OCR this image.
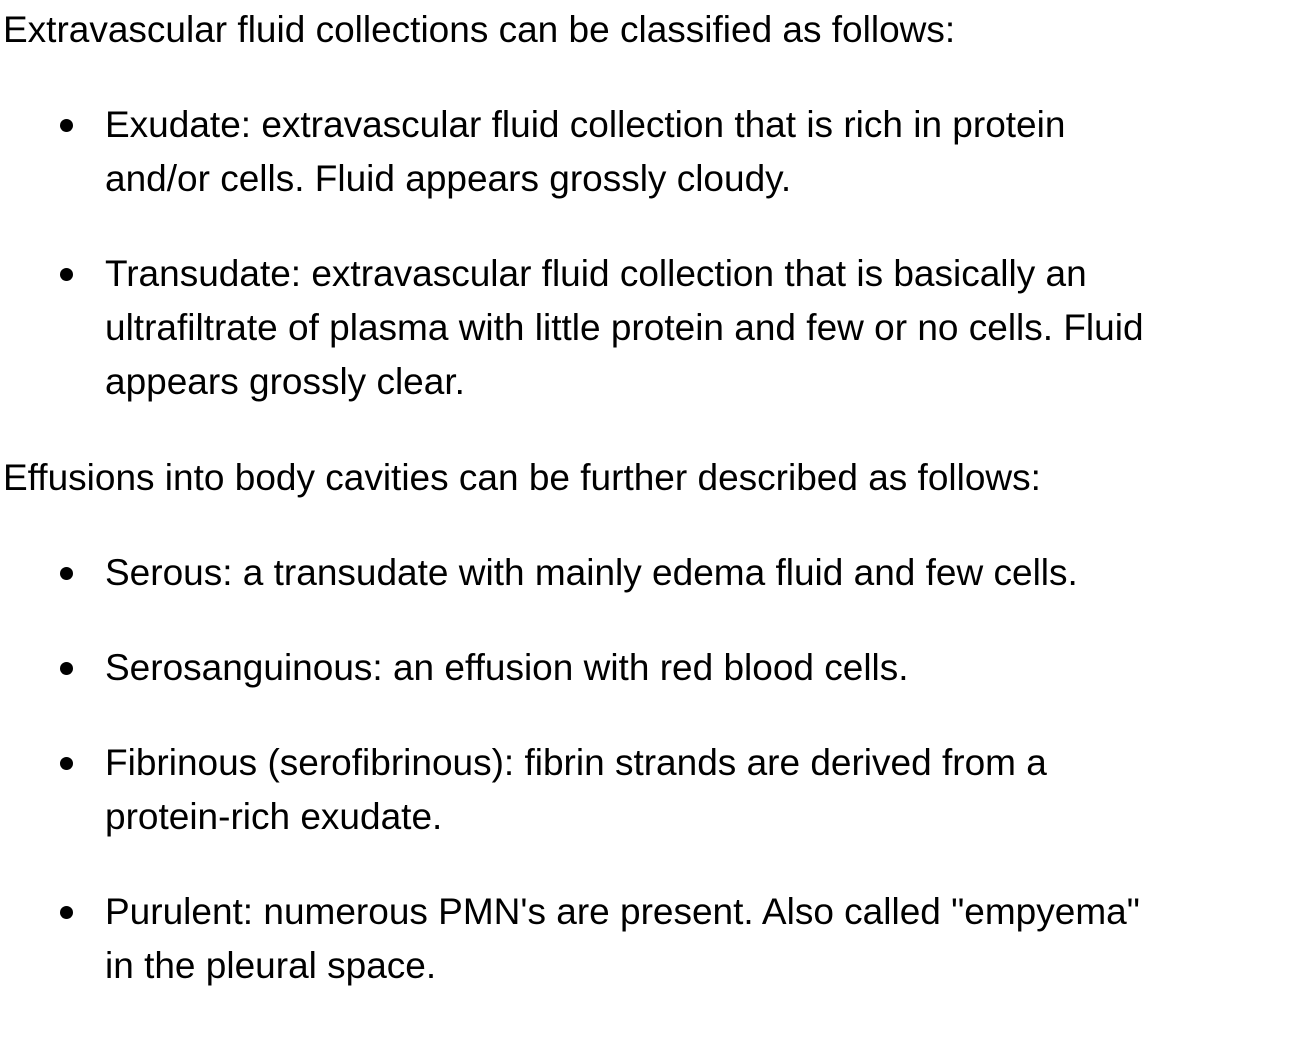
Extravascular fluid collections can be classified as follows:

Exudate: extravascular fluid collection that is rich in protein
and/or cells. Fluid appears grossly cloudy.
Transudate: extravascular fluid collection that is basically an
ultrafiltrate of plasma with little protein and few or no cells. Fluid
appears grossly clear.

Effusions into body cavities can be further described as follows:

Serous: a transudate with mainly edema fluid and few cells.
Serosanguinous: an effusion with red blood cells.
Fibrinous (serofibrinous): fibrin strands are derived from a
protein-rich exudate.
Purulent: numerous PMN's are present. Also called "empyema"
in the pleural space.
